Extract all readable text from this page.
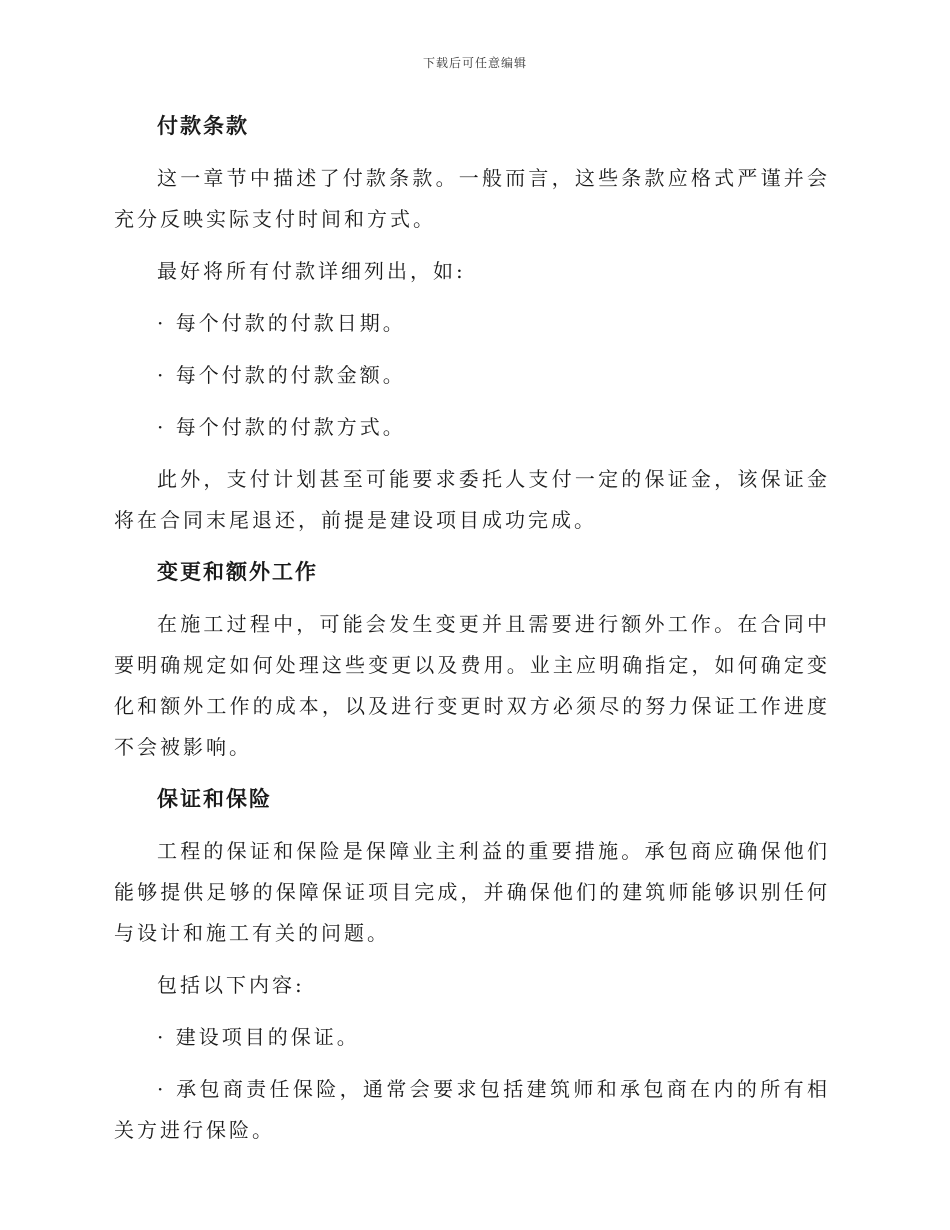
下载后可任意编辑
付款条款

这一章节中描述了付款条款。一般而言，这些条款应格式严谨并会充分反映实际支付时间和方式。

最好将所有付款详细列出，如:

· 每个付款的付款日期。

· 每个付款的付款金额。

· 每个付款的付款方式。

此外，支付计划甚至可能要求委托人支付一定的保证金，该保证金将在合同末尾退还，前提是建设项目成功完成。

变更和额外工作

在施工过程中，可能会发生变更并且需要进行额外工作。在合同中要明确规定如何处理这些变更以及费用。业主应明确指定，如何确定变化和额外工作的成本，以及进行变更时双方必须尽的努力保证工作进度不会被影响。

保证和保险

工程的保证和保险是保障业主利益的重要措施。承包商应确保他们能够提供足够的保障保证项目完成，并确保他们的建筑师能够识别任何与设计和施工有关的问题。

包括以下内容:

· 建设项目的保证。

· 承包商责任保险，通常会要求包括建筑师和承包商在内的所有相关方进行保险。
